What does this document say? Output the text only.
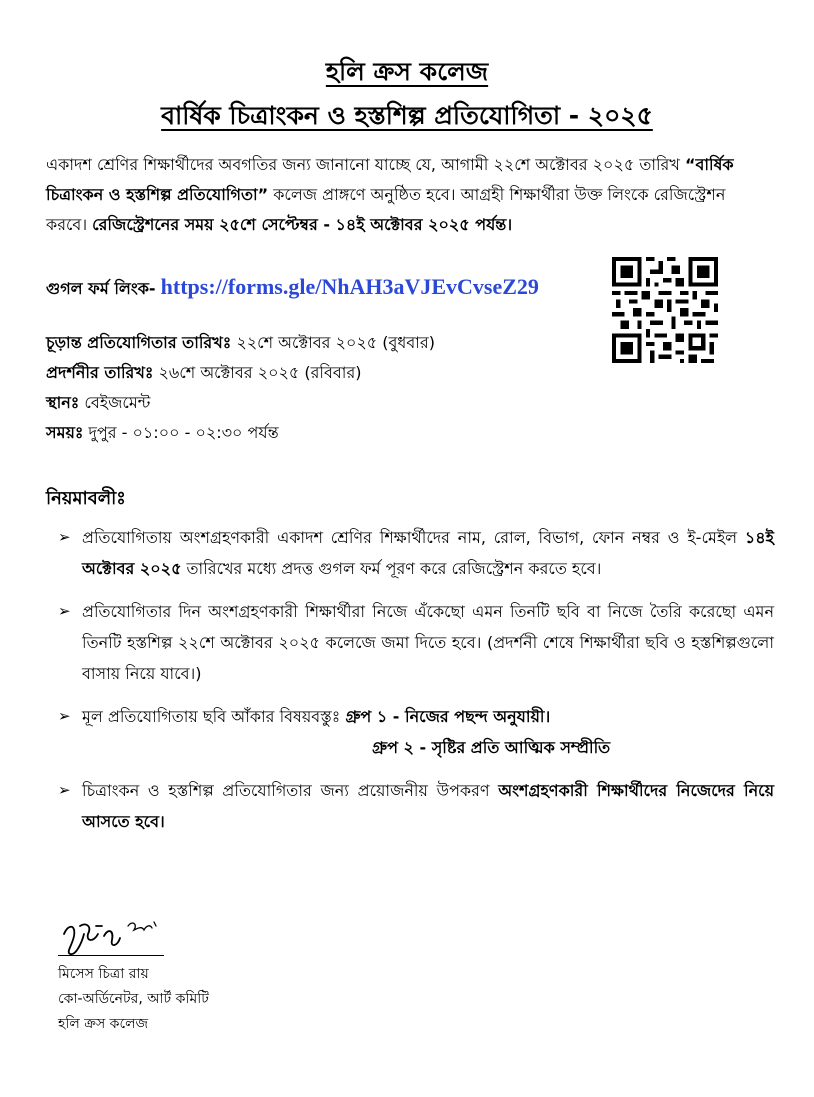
হলি ক্রস কলেজ
বার্ষিক চিত্রাংকন ও হস্তশিল্প প্রতিযোগিতা - ২০২৫
একাদশ শ্রেণির শিক্ষার্থীদের অবগতির জন্য জানানো যাচ্ছে যে, আগামী ২২শে অক্টোবর ২০২৫ তারিখ “বার্ষিক চিত্রাংকন ও হস্তশিল্প প্রতিযোগিতা” কলেজ প্রাঙ্গণে অনুষ্ঠিত হবে। আগ্রহী শিক্ষার্থীরা উক্ত লিংকে রেজিস্ট্রেশন করবে। রেজিস্ট্রেশনের সময় ২৫শে সেপ্টেম্বর - ১৪ই অক্টোবর ২০২৫ পর্যন্ত।
গুগল ফর্ম লিংক- https://forms.gle/NhAH3aVJEvCvseZ29
চূড়ান্ত প্রতিযোগিতার তারিখঃ ২২শে অক্টোবর ২০২৫ (বুধবার)
প্রদর্শনীর তারিখঃ ২৬শে অক্টোবর ২০২৫ (রবিবার)
স্থানঃ বেইজমেন্ট
সময়ঃ দুপুর - ০১:০০ - ০২:৩০ পর্যন্ত
নিয়মাবলীঃ
➢ প্রতিযোগিতায় অংশগ্রহণকারী একাদশ শ্রেণির শিক্ষার্থীদের নাম, রোল, বিভাগ, ফোন নম্বর ও ই-মেইল ১৪ই অক্টোবর ২০২৫ তারিখের মধ্যে প্রদত্ত গুগল ফর্ম পূরণ করে রেজিস্ট্রেশন করতে হবে।
➢ প্রতিযোগিতার দিন অংশগ্রহণকারী শিক্ষার্থীরা নিজে এঁকেছো এমন তিনটি ছবি বা নিজে তৈরি করেছো এমন তিনটি হস্তশিল্প ২২শে অক্টোবর ২০২৫ কলেজে জমা দিতে হবে। (প্রদর্শনী শেষে শিক্ষার্থীরা ছবি ও হস্তশিল্পগুলো বাসায় নিয়ে যাবে।)
➢ মূল প্রতিযোগিতায় ছবি আঁকার বিষয়বস্তুঃ গ্রুপ ১ - নিজের পছন্দ অনুযায়ী।
গ্রুপ ২ - সৃষ্টির প্রতি আত্মিক সম্প্রীতি
➢ চিত্রাংকন ও হস্তশিল্প প্রতিযোগিতার জন্য প্রয়োজনীয় উপকরণ অংশগ্রহণকারী শিক্ষার্থীদের নিজেদের নিয়ে আসতে হবে।
মিসেস চিত্রা রায়
কো-অর্ডিনেটর, আর্ট কমিটি
হলি ক্রস কলেজ
